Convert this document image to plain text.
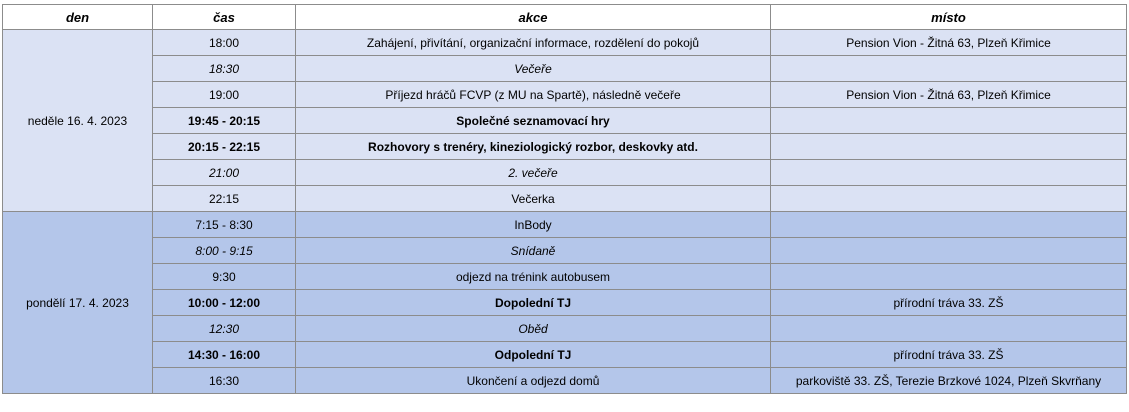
den	čas	akce	místo
neděle 16. 4. 2023	18:00	Zahájení, přivítání, organizační informace, rozdělení do pokojů	Pension Vion - Žitná 63, Plzeň Křimice
	18:30	Večeře	
	19:00	Příjezd hráčů FCVP (z MU na Spartě), následně večeře	Pension Vion - Žitná 63, Plzeň Křimice
	19:45 - 20:15	Společné seznamovací hry	
	20:15 - 22:15	Rozhovory s trenéry, kineziologický rozbor, deskovky atd.	
	21:00	2. večeře	
	22:15	Večerka	
pondělí 17. 4. 2023	7:15 - 8:30	InBody	
	8:00 - 9:15	Snídaně	
	9:30	odjezd na trénink autobusem	
	10:00 - 12:00	Dopolední TJ	přírodní tráva 33. ZŠ
	12:30	Oběd	
	14:30 - 16:00	Odpolední TJ	přírodní tráva 33. ZŠ
	16:30	Ukončení a odjezd domů	parkoviště 33. ZŠ, Terezie Brzkové 1024, Plzeň Skvrňany
